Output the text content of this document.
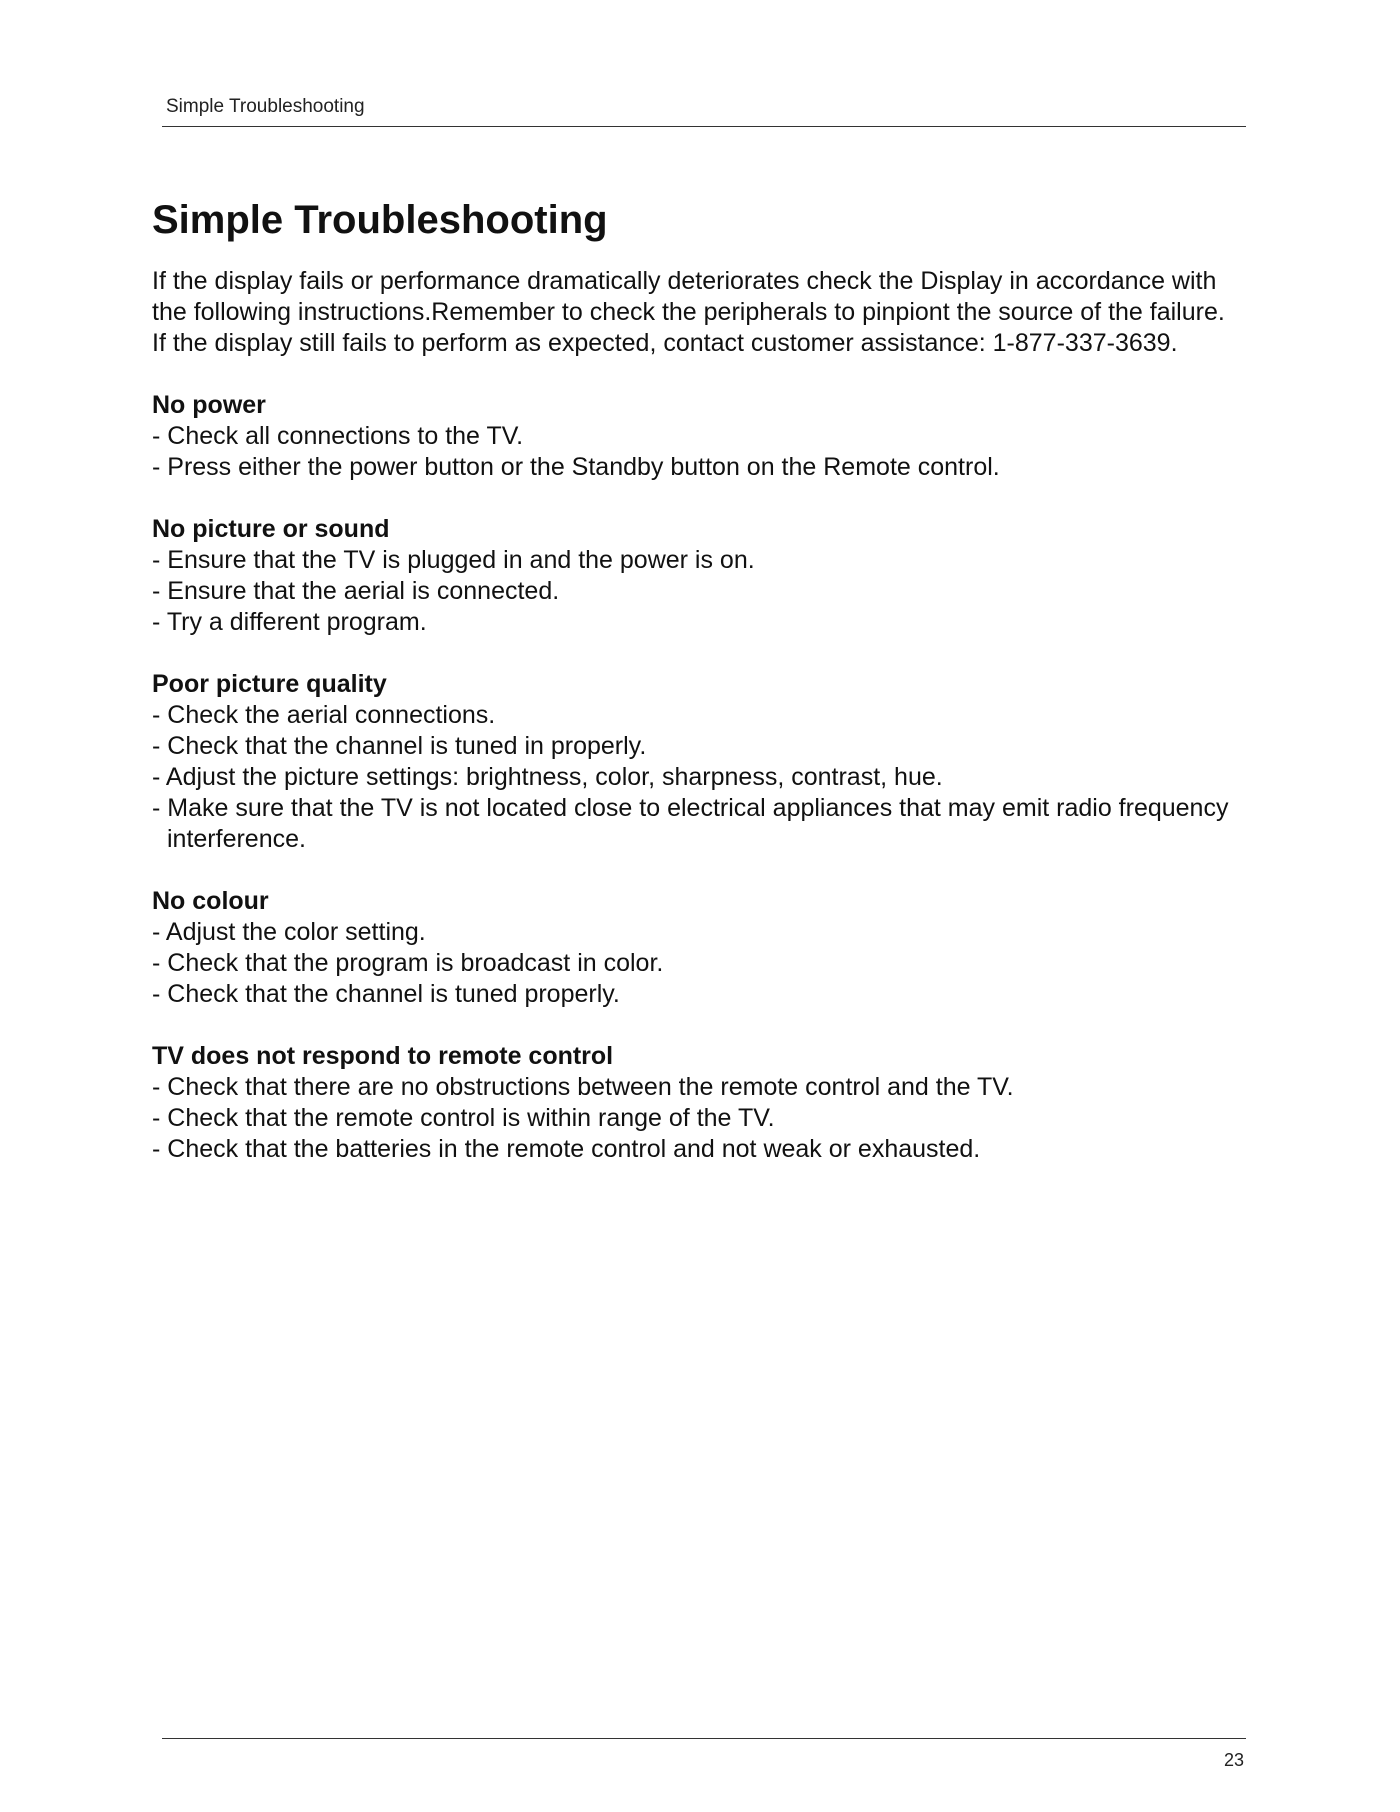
Simple Troubleshooting
Simple Troubleshooting

If the display fails or performance dramatically deteriorates check the Display in accordance with the following instructions.Remember to check the peripherals to pinpiont the source of the failure.

If the display still fails to perform as expected, contact customer assistance: 1-877-337-3639.

No power
- Check all connections to the TV.
- Press either the power button or the Standby button on the Remote control.
No picture or sound
- Ensure that the TV is plugged in and the power is on.
- Ensure that the aerial is connected.
- Try a different program.
Poor picture quality
- Check the aerial connections.
- Check that the channel is tuned in properly.
- Adjust the picture settings: brightness, color, sharpness, contrast, hue.
- Make sure that the TV is not located close to electrical appliances that may emit radio frequency interference.
No colour
- Adjust the color setting.
- Check that the program is broadcast in color.
- Check that the channel is tuned properly.
TV does not respond to remote control
- Check that there are no obstructions between the remote control and the TV.
- Check that the remote control is within range of the TV.
- Check that the batteries in the remote control and not weak or exhausted.
23
